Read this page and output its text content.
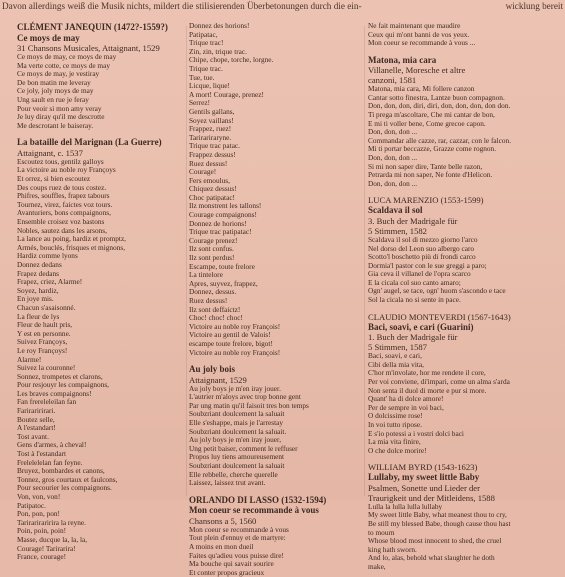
Davon allerdings weiß die Musik nichts, mildert die stilisierenden Überbetonungen durch die ein-	wicklung bereit
CLÉMENT JANEQUIN (1472?-1559?)
Ce moys de may
31 Chansons Musicales, Attaignant, 1529
Ce moys de may, ce moys de may
Ma verte cotte, ce moys de may
Ce moys de may, je vestiray
De bon matin me leveray
Ce joly, joly moys de may
Ung sault en rue je feray
Pour veoir si mon amy veray
Je luy diray qu'il me descrotte
Me descrotant le baiseray.
La bataille del Marignan (La Guerre)
Attaignant, c. 1537
Escoutez tous, gentilz galloys
La victoire au noble roy Françoys
Et orrez, si bien escoutez
Des coups ruez de tous costez.
Phifres, souffles, frapez tabours
Tournez, virez, faictes voz tours.
Avanturiers, bons compaignons,
Ensemble croisez voz bastons
Nobles, sautez dans les arsons,
La lance au poing, hardiz et promptz,
Armés, bouclés, frisques et mignons,
Hardiz comme lyons
Donnez dedans
Frapez dedans
Frapez, criez, Alarme!
Soyez, hardiz,
En joye mis.
Chacun s'asaisonné.
La fleur de lys
Fleur de hault pris,
Y est en personne.
Suivez Françoys,
Le roy Françoys!
Alarme!
Suivez la couronne!
Sonnez, trompetes et clarons,
Pour resjouyr les compaignons,
Les braves compaignons!
Fan frereleleilan fan
Fariraririrari.
Boutez selle,
A l'estandart!
Tost avant.
Gens d'armes, à cheval!
Tost à l'estandart
Frelelelelan fan feyne.
Bruyez, bombardes et canons,
Tonnez, gros courtaux et faulcons,
Pour secourier les compaignons.
Von, von, von!
Patipatoc.
Pon, pon, pon!
Tarirariraririra la reyne.
Poin, poin, poin!
Masse, ducque la, la, la,
Courage! Tarirarira!
France, courage!
Donnez des horions!
Patipatac,
Trique trac!
Zin, zin, trique trac.
Chipe, chope, torche, lorgne.
Trique trac.
Tue, tue.
Licque, lique!
A mort! Courage, prenez!
Serrez!
Gentils gallans,
Soyez vaillans!
Frappez, ruez!
Tarirariraryne.
Trique trac patac.
Frappez dessus!
Ruez dessus!
Courage!
Fers emoulus,
Chiquez dessus!
Choc patipatac!
Ilz monstrent les tallons!
Courage compaignons!
Donnez de horions!
Trique trac patipatac!
Courage prenez!
Ilz sont confus.
Ilz sont perdus!
Escampe, toute frelore
La tintelore
Apres, suyvez, frappez,
Donnez, dessus.
Ruez dessus!
Ilz sont deffaictz!
Choc! choc! choc!
Victoire au noble roy François!
Victoire au gentil de Valois!
escampe toute frelore, bigot!
Victoire au noble roy François!
Au joly bois
Attaignant, 1529
Au joly boys je m'en iray jouer.
L'autrier m'aloys avec trop bonne gent
Par ung matin qu'il faisoit tres bon temps
Soubzriant doulcement la saluait
Elle s'eshappe, mais je l'arrestay
Soubzriant doulcement la saluait.
Au joly boys je m'en iray jouer,
Ung petit baiser, comment le reffuser
Propos luy tiens amoureusement
Soubzriant doulcement la saluait
Elle rebbelle, cherche querelle
Laissez, laissez trut avant.
ORLANDO DI LASSO (1532-1594)
Mon coeur se recommande à vous
Chansons a 5, 1560
Mon coeur se recommande à vous
Tout plein d'ennuy et de martyre:
A moins en mon dueil
Faites qu'adieu vous puisse dire!
Ma bouche qui savait sourire
Et conter propos gracieux
Ne fait maintenant que maudire
Ceux qui m'ont banni de vos yeux.
Mon coeur se recommande à vous ...
Matona, mia cara
Villanelle, Moresche et altre
canzoni, 1581
Matona, mia cara, Mi follere canzon
Cantar sotto finestra, Lantze buon compagnon.
Don, don, don, diri, diri, don, don, don, don don.
Ti prega m'ascoltare, Che mi cantar de bon,
E mi ti voller bene, Come grecoe capon.
Don, don, don ...
Commandar alle cazze, rar, cazzar, con le falcon.
Mi ti portar beccazze, Grazze come rognon.
Don, don, don ...
Si mi non saper dire, Tante belle razon,
Petrarda mi non saper, Ne fonte d'Helicon.
Don, don, don ...
LUCA MARENZIO (1553-1599)
Scaldava il sol
3. Buch der Madrigale für
5 Stimmen, 1582
Scaldava il sol di mezzo giorno l'arco
Nel dorso del Leon suo albergo caro
Scotto'l boschetto più di frondi carco
Dormia'l pastor con le sue greggi a paro;
Gia ceva il villanel de l'opra scarco
E la cicala col suo canto amaro;
Ogn' augel, se tace, ogn' huom s'ascondo e tace
Sol la cicala no si sente in pace.
CLAUDIO MONTEVERDI (1567-1643)
Baci, soavi, e cari (Guarini)
1. Buch der Madrigale für
5 Stimmen, 1587
Baci, soavi, e cari,
Cibi della mia vita,
C'hor m'involate, hor me rendete il core,
Per voi conviene, di'impari, come un alma s'arda
Non senta il duol di morte e pur si more.
Quant' ha di dolce amore!
Per de sempre in voi baci,
O dolcissime rose!
In voi tutto ripose.
E s'io potessi a i vostri dolci baci
La mia vita finire,
O che dolce morire!
WILLIAM BYRD (1543-1623)
Lullaby, my sweet little Baby
Psalmen, Sonette und Lieder der
Traurigkeit und der Mitleidens, 1588
Lulla la lulla lulla lullaby
My sweet little Baby, what meanest thou to cry,
Be still my blessed Babe, though cause thou hast
to mourn
Whose blood most innocent to shed, the cruel
king hath sworn.
And lo, alas, behold what slaughter he doth
make,
